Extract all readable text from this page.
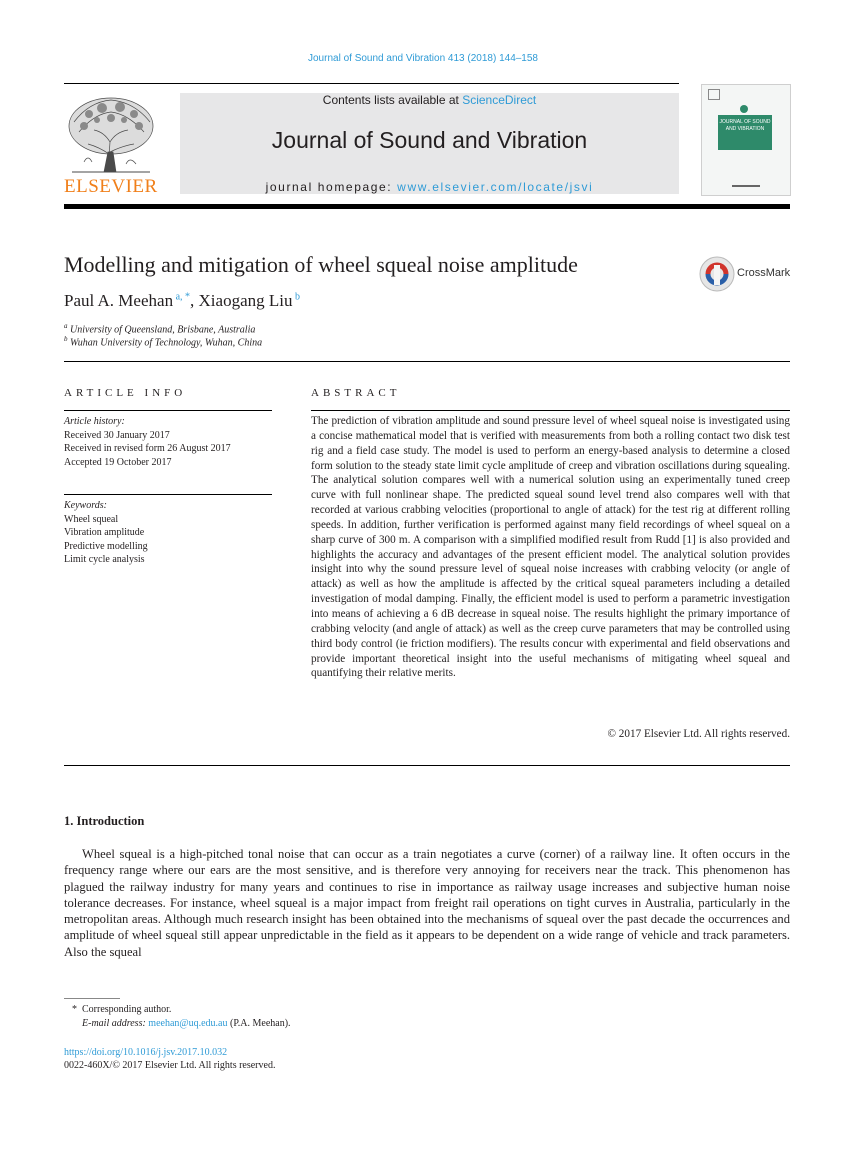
Journal of Sound and Vibration 413 (2018) 144–158
ELSEVIER
Contents lists available at ScienceDirect
Journal of Sound and Vibration
journal homepage: www.elsevier.com/locate/jsvi
JOURNAL OF SOUND AND VIBRATION
Modelling and mitigation of wheel squeal noise amplitude	CrossMark
Paul A. Meehan $^{a, *}$, Xiaogang Liu $^b$
$^a$ University of Queensland, Brisbane, Australia
$^b$ Wuhan University of Technology, Wuhan, China
ARTICLE INFO
Article history:
Received 30 January 2017
Received in revised form 26 August 2017
Accepted 19 October 2017
Keywords:
Wheel squeal
Vibration amplitude
Predictive modelling
Limit cycle analysis
ABSTRACT
The prediction of vibration amplitude and sound pressure level of wheel squeal noise is investigated using a concise mathematical model that is verified with measurements from both a rolling contact two disk test rig and a field case study. The model is used to perform an energy-based analysis to determine a closed form solution to the steady state limit cycle amplitude of creep and vibration oscillations during squealing. The analytical solution compares well with a numerical solution using an experimentally tuned creep curve with full nonlinear shape. The predicted squeal sound level trend also compares well with that recorded at various crabbing velocities (proportional to angle of attack) for the test rig at different rolling speeds. In addition, further verification is performed against many field recordings of wheel squeal on a sharp curve of 300 m. A comparison with a simplified modified result from Rudd [1] is also provided and highlights the accuracy and advantages of the present efficient model. The analytical solution provides insight into why the sound pressure level of squeal noise increases with crabbing velocity (or angle of attack) as well as how the amplitude is affected by the critical squeal parameters including a detailed investigation of modal damping. Finally, the efficient model is used to perform a parametric investigation into means of achieving a 6 dB decrease in squeal noise. The results highlight the primary importance of crabbing velocity (and angle of attack) as well as the creep curve parameters that may be controlled using third body control (ie friction modifiers). The results concur with experimental and field observations and provide important theoretical insight into the useful mechanisms of mitigating wheel squeal and quantifying their relative merits.
© 2017 Elsevier Ltd. All rights reserved.
1. Introduction
Wheel squeal is a high-pitched tonal noise that can occur as a train negotiates a curve (corner) of a railway line. It often occurs in the frequency range where our ears are the most sensitive, and is therefore very annoying for receivers near the track. This phenomenon has plagued the railway industry for many years and continues to rise in importance as railway usage increases and subjective human noise tolerance decreases. For instance, wheel squeal is a major impact from freight rail operations on tight curves in Australia, particularly in the metropolitan areas. Although much research insight has been obtained into the mechanisms of squeal over the past decade the occurrences and amplitude of wheel squeal still appear unpredictable in the field as it appears to be dependent on a wide range of vehicle and track parameters. Also the squeal
* Corresponding author.
E-mail address: meehan@uq.edu.au (P.A. Meehan).
https://doi.org/10.1016/j.jsv.2017.10.032
0022-460X/© 2017 Elsevier Ltd. All rights reserved.
